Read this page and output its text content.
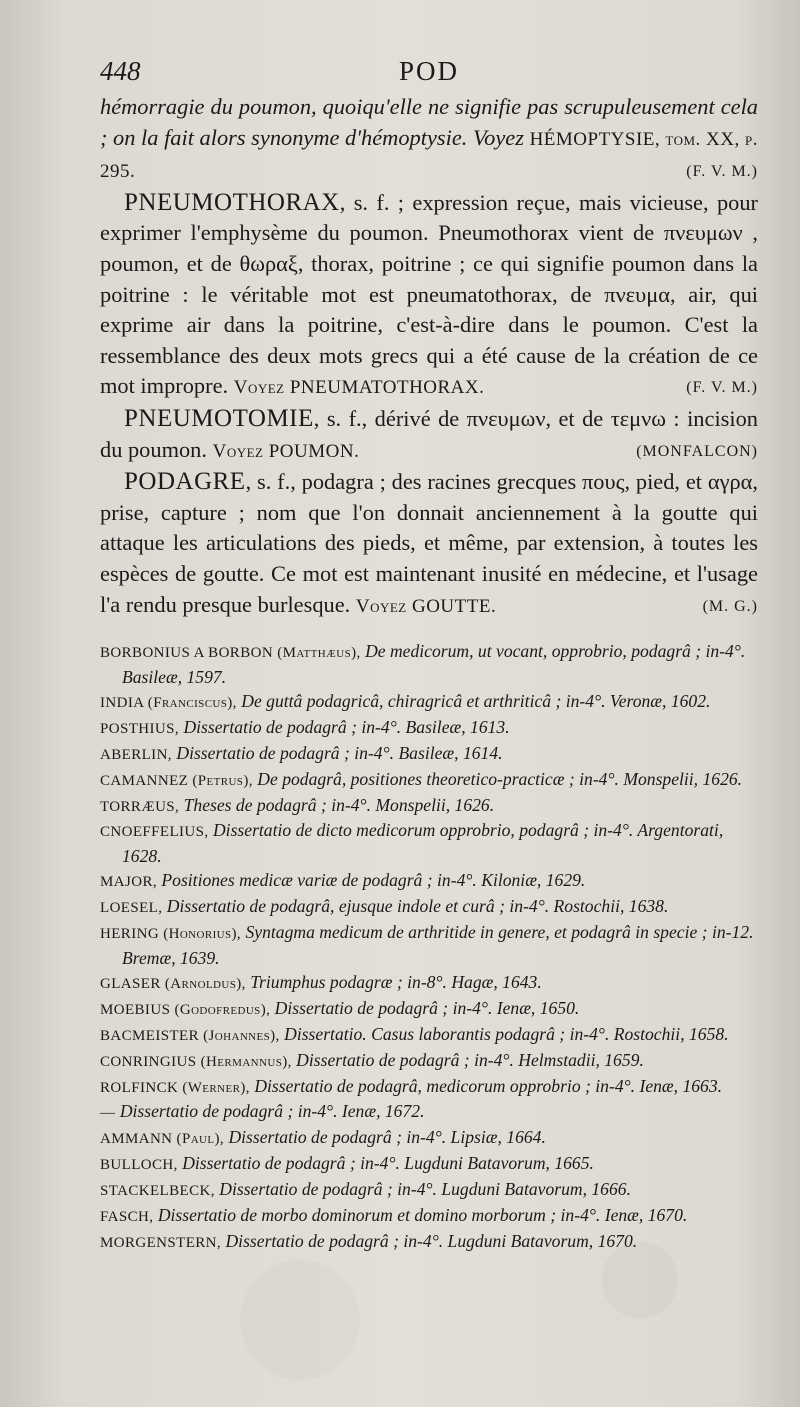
448	POD

hémorragie du poumon, quoiqu'elle ne signifie pas scrupuleusement cela ; on la fait alors synonyme d'hémoptysie. Voyez HÉMOPTYSIE, tom. XX, p. 295.	(F. V. M.)

PNEUMOTHORAX, s. f. ; expression reçue, mais vicieuse, pour exprimer l'emphysème du poumon. Pneumothorax vient de πνευμων , poumon, et de θωραξ, thorax, poitrine ; ce qui signifie poumon dans la poitrine : le véritable mot est pneumatothorax, de πνευμα, air, qui exprime air dans la poitrine, c'est-à-dire dans le poumon. C'est la ressemblance des deux mots grecs qui a été cause de la création de ce mot impropre. Voyez PNEUMATOTHORAX.	(F. V. M.)

PNEUMOTOMIE, s. f., dérivé de πνευμων, et de τεμνω : incision du poumon. Voyez POUMON.	(MONFALCON)

PODAGRE, s. f., podagra ; des racines grecques πους, pied, et αγρα, prise, capture ; nom que l'on donnait anciennement à la goutte qui attaque les articulations des pieds, et même, par extension, à toutes les espèces de goutte. Ce mot est maintenant inusité en médecine, et l'usage l'a rendu presque burlesque. Voyez GOUTTE.	(M. G.)

BORBONIUS A BORBON (Matthæus), De medicorum, ut vocant, opprobrio, podagrâ ; in-4°. Basileæ, 1597.

INDIA (Franciscus), De guttâ podagricâ, chiragricâ et arthriticâ ; in-4°. Veronæ, 1602.

POSTHIUS, Dissertatio de podagrâ ; in-4°. Basileæ, 1613.

ABERLIN, Dissertatio de podagrâ ; in-4°. Basileæ, 1614.

CAMANNEZ (Petrus), De podagrâ, positiones theoretico-practicæ ; in-4°. Monspelii, 1626.

TORRÆUS, Theses de podagrâ ; in-4°. Monspelii, 1626.

CNOEFFELIUS, Dissertatio de dicto medicorum opprobrio, podagrâ ; in-4°. Argentorati, 1628.

MAJOR, Positiones medicæ variæ de podagrâ ; in-4°. Kiloniæ, 1629.

LOESEL, Dissertatio de podagrâ, ejusque indole et curâ ; in-4°. Rostochii, 1638.

HERING (Honorius), Syntagma medicum de arthritide in genere, et podagrâ in specie ; in-12. Bremæ, 1639.

GLASER (Arnoldus), Triumphus podagræ ; in-8°. Hagæ, 1643.

MOEBIUS (Godofredus), Dissertatio de podagrâ ; in-4°. Ienæ, 1650.

BACMEISTER (Johannes), Dissertatio. Casus laborantis podagrâ ; in-4°. Rostochii, 1658.

CONRINGIUS (Hermannus), Dissertatio de podagrâ ; in-4°. Helmstadii, 1659.

ROLFINCK (Werner), Dissertatio de podagrâ, medicorum opprobrio ; in-4°. Ienæ, 1663.

— Dissertatio de podagrâ ; in-4°. Ienæ, 1672.

AMMANN (Paul), Dissertatio de podagrâ ; in-4°. Lipsiæ, 1664.

BULLOCH, Dissertatio de podagrâ ; in-4°. Lugduni Batavorum, 1665.

STACKELBECK, Dissertatio de podagrâ ; in-4°. Lugduni Batavorum, 1666.

FASCH, Dissertatio de morbo dominorum et domino morborum ; in-4°. Ienæ, 1670.

MORGENSTERN, Dissertatio de podagrâ ; in-4°. Lugduni Batavorum, 1670.
